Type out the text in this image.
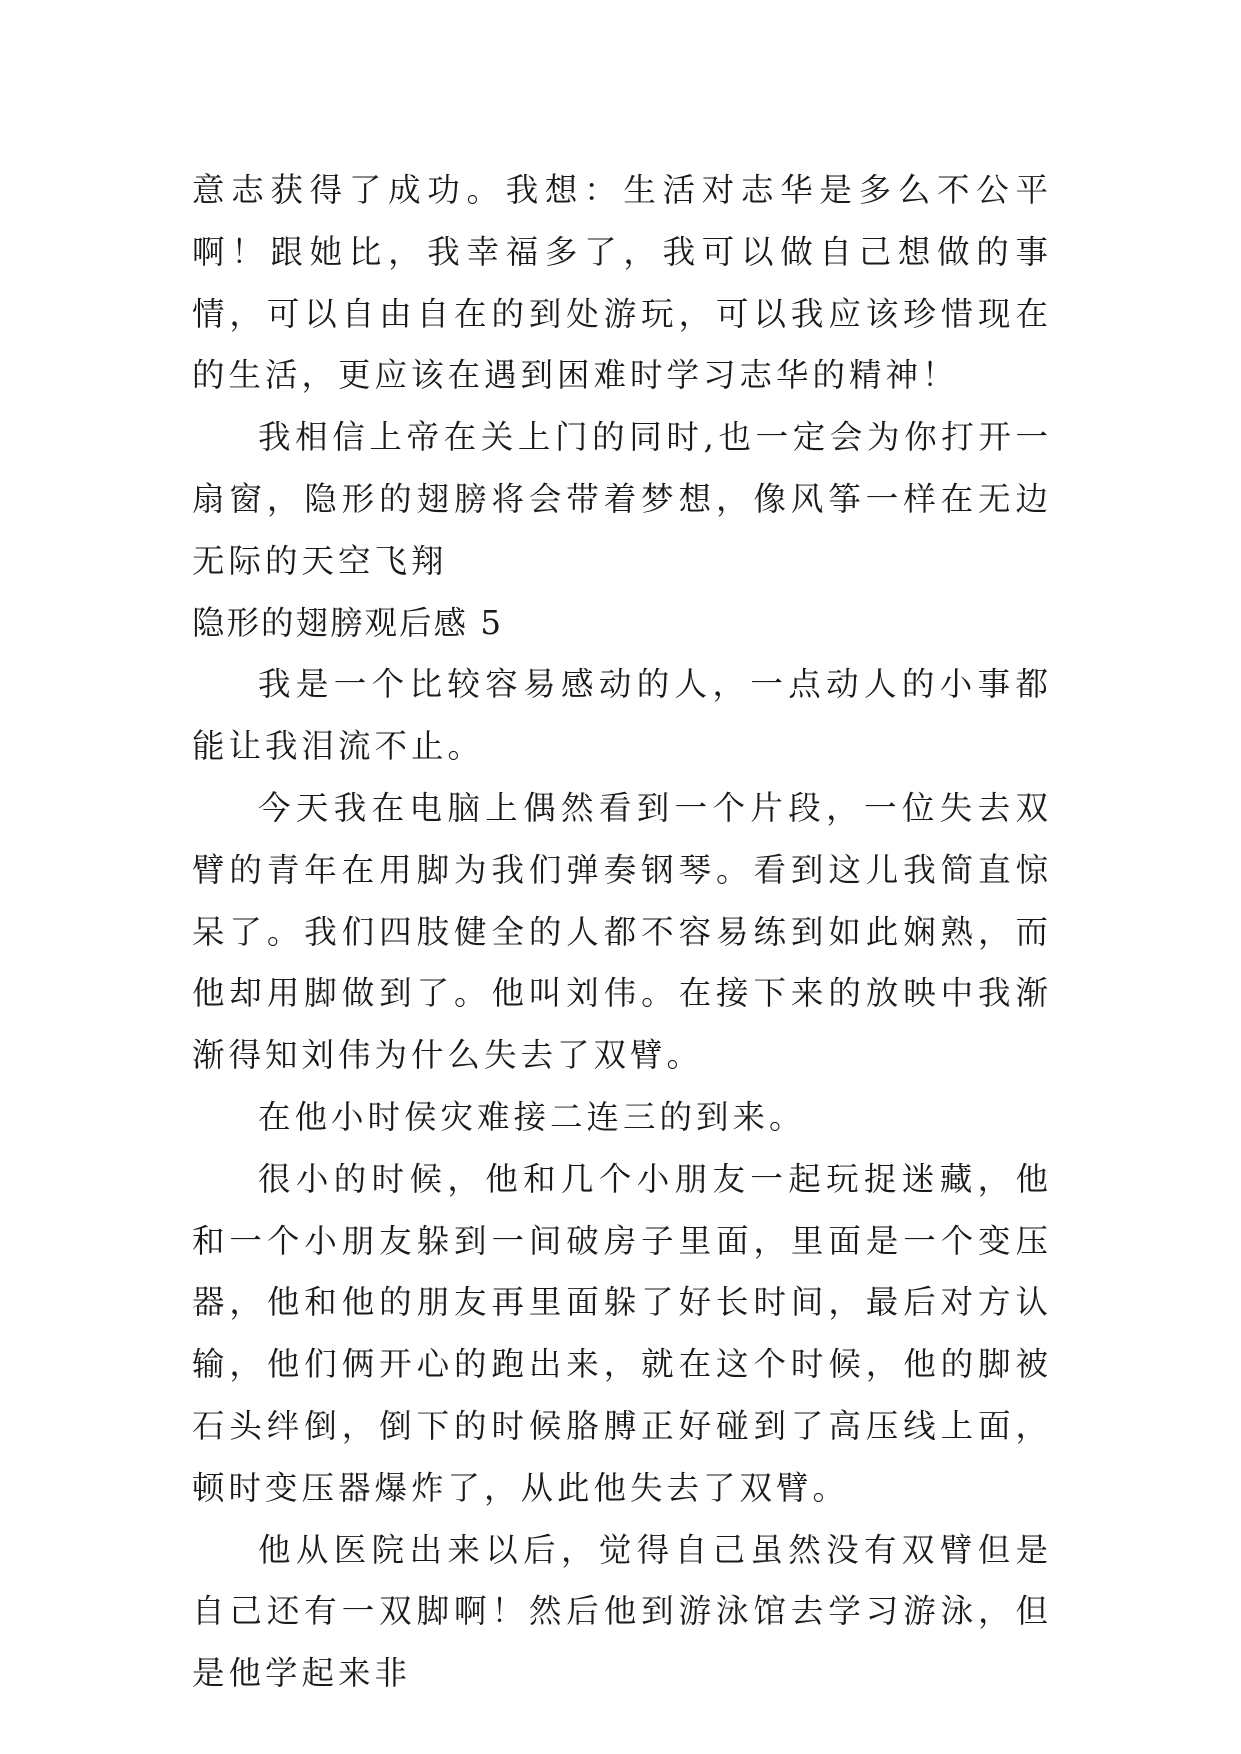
意志获得了成功。我想：生活对志华是多么不公平啊！跟她比，我幸福多了，我可以做自己想做的事情，可以自由自在的到处游玩，可以我应该珍惜现在的生活，更应该在遇到困难时学习志华的精神！

我相信上帝在关上门的同时,也一定会为你打开一扇窗，隐形的翅膀将会带着梦想，像风筝一样在无边无际的天空飞翔

隐形的翅膀观后感 5

我是一个比较容易感动的人，一点动人的小事都能让我泪流不止。

今天我在电脑上偶然看到一个片段，一位失去双臂的青年在用脚为我们弹奏钢琴。看到这儿我简直惊呆了。我们四肢健全的人都不容易练到如此娴熟，而他却用脚做到了。他叫刘伟。在接下来的放映中我渐渐得知刘伟为什么失去了双臂。

在他小时侯灾难接二连三的到来。

很小的时候，他和几个小朋友一起玩捉迷藏，他和一个小朋友躲到一间破房子里面，里面是一个变压器，他和他的朋友再里面躲了好长时间，最后对方认输，他们俩开心的跑出来，就在这个时候，他的脚被石头绊倒，倒下的时候胳膊正好碰到了高压线上面，顿时变压器爆炸了，从此他失去了双臂。

他从医院出来以后，觉得自己虽然没有双臂但是自己还有一双脚啊！然后他到游泳馆去学习游泳，但是他学起来非
